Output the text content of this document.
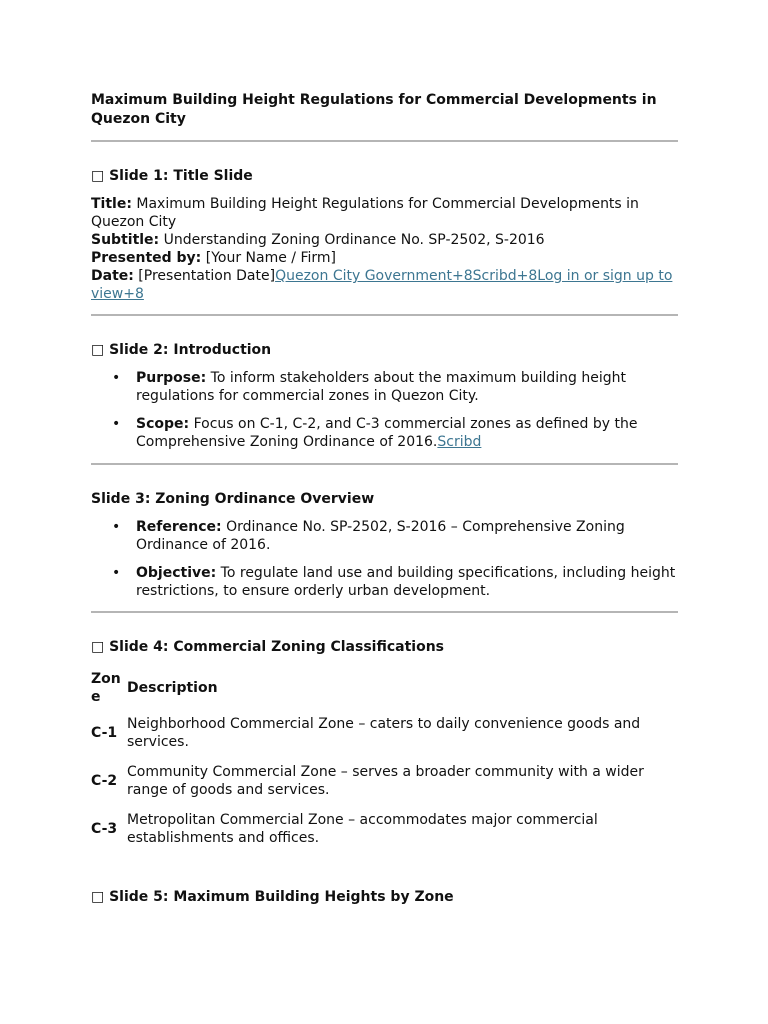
Maximum Building Height Regulations for Commercial Developments in Quezon City

□ Slide 1: Title Slide

Title: Maximum Building Height Regulations for Commercial Developments in Quezon City
Subtitle: Understanding Zoning Ordinance No. SP-2502, S-2016
Presented by: [Your Name / Firm]
Date: [Presentation Date]Quezon City Government+8Scribd+8Log in or sign up to view+8

□ Slide 2: Introduction

• Purpose: To inform stakeholders about the maximum building height regulations for commercial zones in Quezon City.
• Scope: Focus on C-1, C-2, and C-3 commercial zones as defined by the Comprehensive Zoning Ordinance of 2016.Scribd

Slide 3: Zoning Ordinance Overview

• Reference: Ordinance No. SP-2502, S-2016 – Comprehensive Zoning Ordinance of 2016.
• Objective: To regulate land use and building specifications, including height restrictions, to ensure orderly urban development.

□ Slide 4: Commercial Zoning Classifications

Zone	Description
C-1	Neighborhood Commercial Zone – caters to daily convenience goods and services.
C-2	Community Commercial Zone – serves a broader community with a wider range of goods and services.
C-3	Metropolitan Commercial Zone – accommodates major commercial establishments and offices.

□ Slide 5: Maximum Building Heights by Zone
